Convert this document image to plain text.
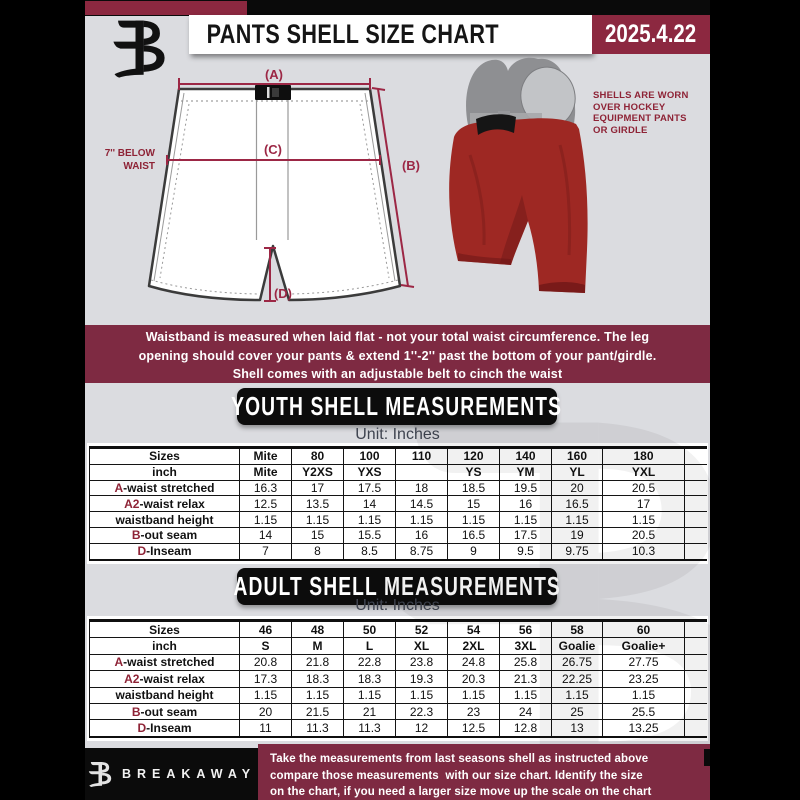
PANTS SHELL SIZE CHART	2025.4.22
(A)
(C)
(B)
(D)
7'' BELOW
WAIST
SHELLS ARE WORN
OVER HOCKEY
EQUIPMENT PANTS
OR GIRDLE
Waistband is measured when laid flat - not your total waist circumference. The leg
opening should cover your pants & extend 1''-2'' past the bottom of your pant/girdle.
Shell comes with an adjustable belt to cinch the waist
YOUTH SHELL MEASUREMENTS
Unit: Inches
Sizes	Mite	80	100	110	120	140	160	180	
inch	Mite	Y2XS	YXS		YS	YM	YL	YXL	
A-waist stretched	16.3	17	17.5	18	18.5	19.5	20	20.5	
A2-waist relax	12.5	13.5	14	14.5	15	16	16.5	17	
waistband height	1.15	1.15	1.15	1.15	1.15	1.15	1.15	1.15	
B-out seam	14	15	15.5	16	16.5	17.5	19	20.5	
D-Inseam	7	8	8.5	8.75	9	9.5	9.75	10.3	
ADULT SHELL MEASUREMENTS
Unit: Inches
Sizes	46	48	50	52	54	56	58	60	
inch	S	M	L	XL	2XL	3XL	Goalie	Goalie+	
A-waist stretched	20.8	21.8	22.8	23.8	24.8	25.8	26.75	27.75	
A2-waist relax	17.3	18.3	18.3	19.3	20.3	21.3	22.25	23.25	
waistband height	1.15	1.15	1.15	1.15	1.15	1.15	1.15	1.15	
B-out seam	20	21.5	21	22.3	23	24	25	25.5	
D-Inseam	11	11.3	11.3	12	12.5	12.8	13	13.25	
BREAKAWAY
Take the measurements from last seasons shell as instructed above
compare those measurements  with our size chart. Identify the size
on the chart, if you need a larger size move up the scale on the chart
